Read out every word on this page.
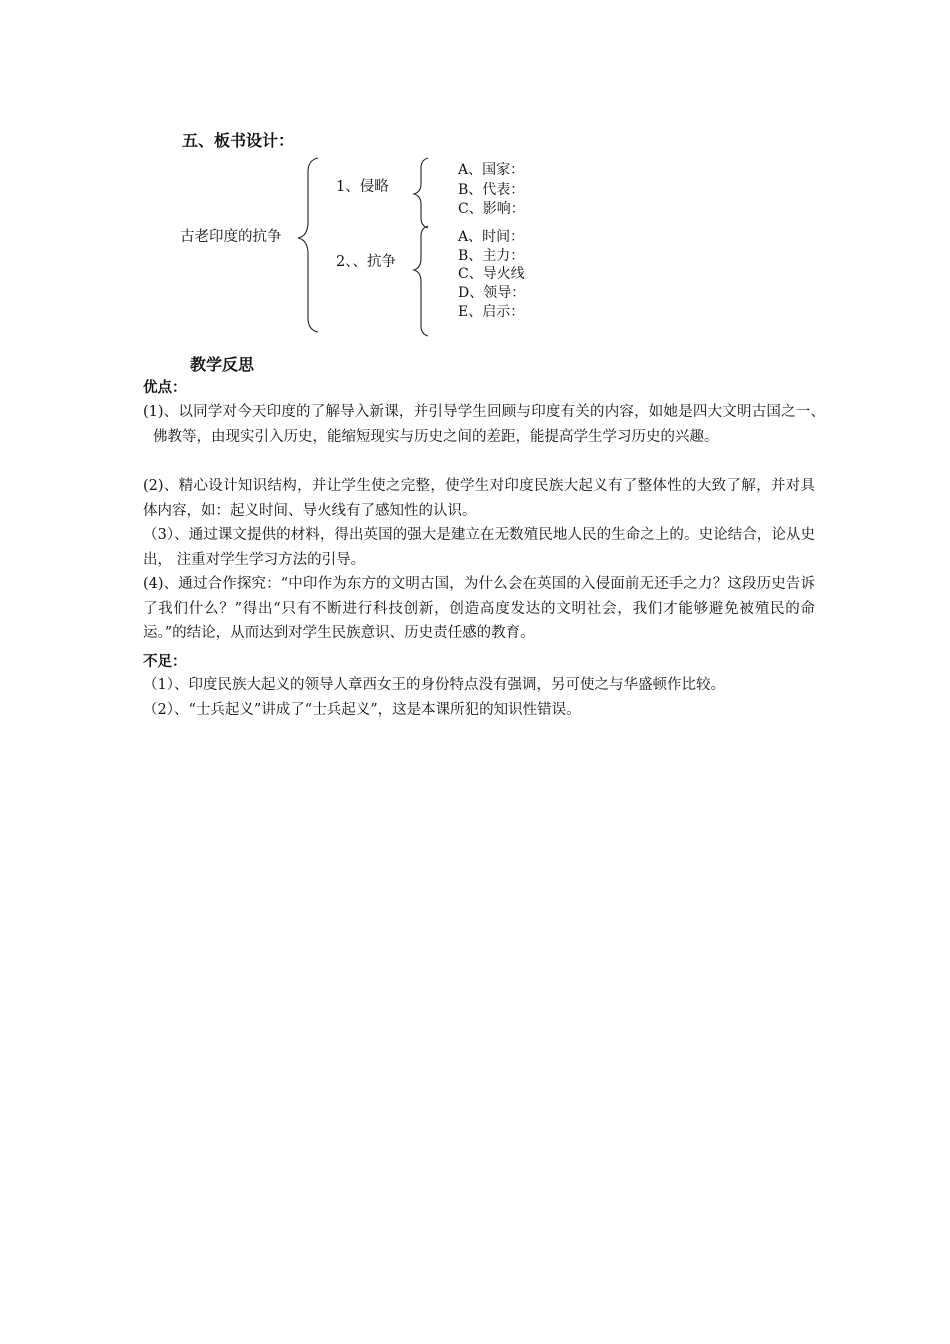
五、板书设计：
古老印度的抗争
1、侵略
2、、抗争
A、国家：
B、代表：
C、影响：
A、时间：
B、主力：
C、导火线
D、领导：
E、启示：
教学反思
优点：
(1)、以同学对今天印度的了解导入新课，并引导学生回顾与印度有关的内容，如她是四大文明古国之一、佛教等，由现实引入历史，能缩短现实与历史之间的差距，能提高学生学习历史的兴趣。
(2)、精心设计知识结构，并让学生使之完整，使学生对印度民族大起义有了整体性的大致了解，并对具体内容，如：起义时间、导火线有了感知性的认识。
（3）、通过课文提供的材料，得出英国的强大是建立在无数殖民地人民的生命之上的。史论结合，论从史出， 注重对学生学习方法的引导。
(4)、通过合作探究：“中印作为东方的文明古国，为什么会在英国的入侵面前无还手之力？这段历史告诉了我们什么？”得出“只有不断进行科技创新，创造高度发达的文明社会，我们才能够避免被殖民的命运。”的结论，从而达到对学生民族意识、历史责任感的教育。
不足：
（1）、印度民族大起义的领导人章西女王的身份特点没有强调，另可使之与华盛顿作比较。
（2）、“士兵起义”讲成了“士兵起义”，这是本课所犯的知识性错误。
